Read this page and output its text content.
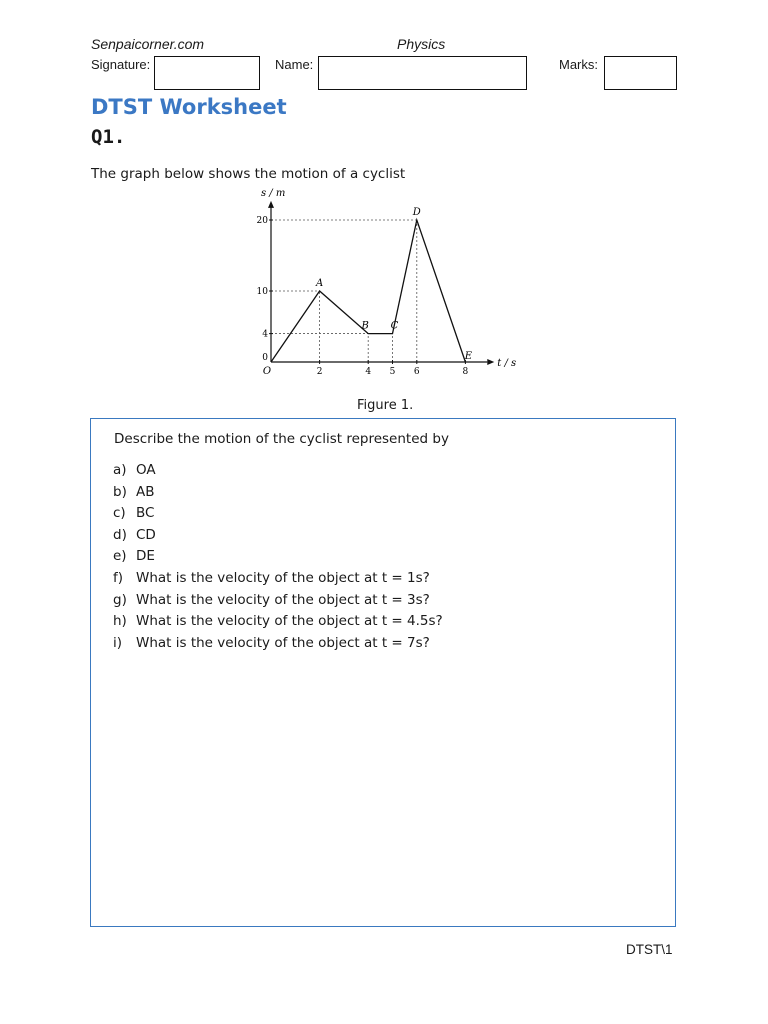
Senpaicorner.com	Physics
Signature:	Name:	Marks:
DTST Worksheet
Q1.
The graph below shows the motion of a cyclist
t / s
s / m
2	4 5 6	8
0
4
10
20
O
A
B C
D
E
Figure 1.
Describe the motion of the cyclist represented by
a) OA
b) AB
c) BC
d) CD
e) DE
f) What is the velocity of the object at t = 1s?
g) What is the velocity of the object at t = 3s?
h) What is the velocity of the object at t = 4.5s?
i) What is the velocity of the object at t = 7s?
DTST\1
